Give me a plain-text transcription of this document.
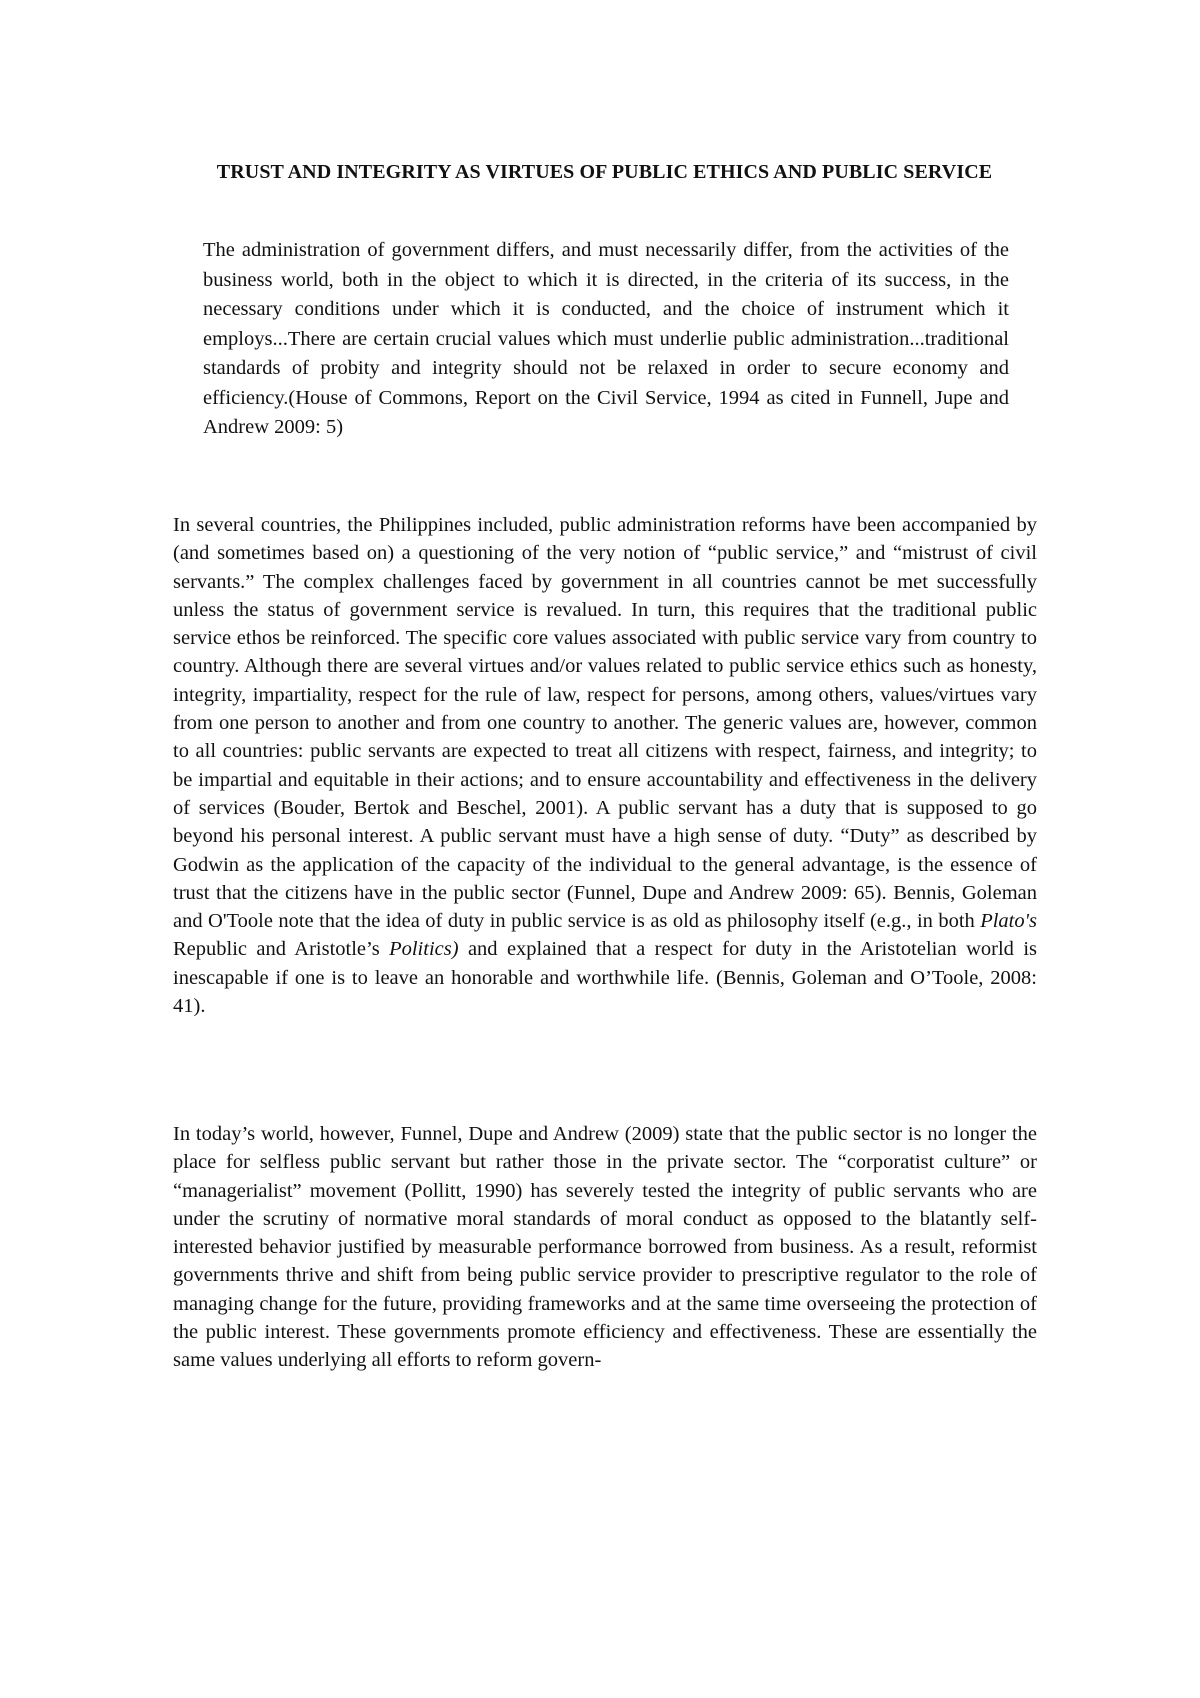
TRUST AND INTEGRITY AS VIRTUES OF PUBLIC ETHICS AND PUBLIC SERVICE

The administration of government differs, and must necessarily differ, from the activities of the business world, both in the object to which it is directed, in the criteria of its success, in the necessary conditions under which it is conducted, and the choice of instrument which it employs...There are certain crucial values which must underlie public administration...traditional standards of probity and integrity should not be relaxed in order to secure economy and efficiency.(House of Commons, Report on the Civil Service, 1994 as cited in Funnell, Jupe and Andrew 2009: 5)

In several countries, the Philippines included, public administration reforms have been accompanied by (and sometimes based on) a questioning of the very notion of “public service,” and “mistrust of civil servants.” The complex challenges faced by government in all countries cannot be met successfully unless the status of government service is revalued. In turn, this requires that the traditional public service ethos be reinforced. The specific core values associated with public service vary from country to country. Although there are several virtues and/or values related to public service ethics such as honesty, integrity, impartiality, respect for the rule of law, respect for persons, among others, values/virtues vary from one person to another and from one country to another. The generic values are, however, common to all countries: public servants are expected to treat all citizens with respect, fairness, and integrity; to be impartial and equitable in their actions; and to ensure accountability and effectiveness in the delivery of services (Bouder, Bertok and Beschel, 2001). A public servant has a duty that is supposed to go beyond his personal interest. A public servant must have a high sense of duty. “Duty” as described by Godwin as the application of the capacity of the individual to the general advantage, is the essence of trust that the citizens have in the public sector (Funnel, Dupe and Andrew 2009: 65). Bennis, Goleman and O'Toole note that the idea of duty in public service is as old as philosophy itself (e.g., in both Plato's Republic and Aristotle’s Politics) and explained that a respect for duty in the Aristotelian world is inescapable if one is to leave an honorable and worthwhile life. (Bennis, Goleman and O’Toole, 2008: 41).

In today’s world, however, Funnel, Dupe and Andrew (2009) state that the public sector is no longer the place for selfless public servant but rather those in the private sector. The “corporatist culture” or “managerialist” movement (Pollitt, 1990) has severely tested the integrity of public servants who are under the scrutiny of normative moral standards of moral conduct as opposed to the blatantly self-interested behavior justified by measurable performance borrowed from business. As a result, reformist governments thrive and shift from being public service provider to prescriptive regulator to the role of managing change for the future, providing frameworks and at the same time overseeing the protection of the public interest. These governments promote efficiency and effectiveness. These are essentially the same values underlying all efforts to reform govern-
